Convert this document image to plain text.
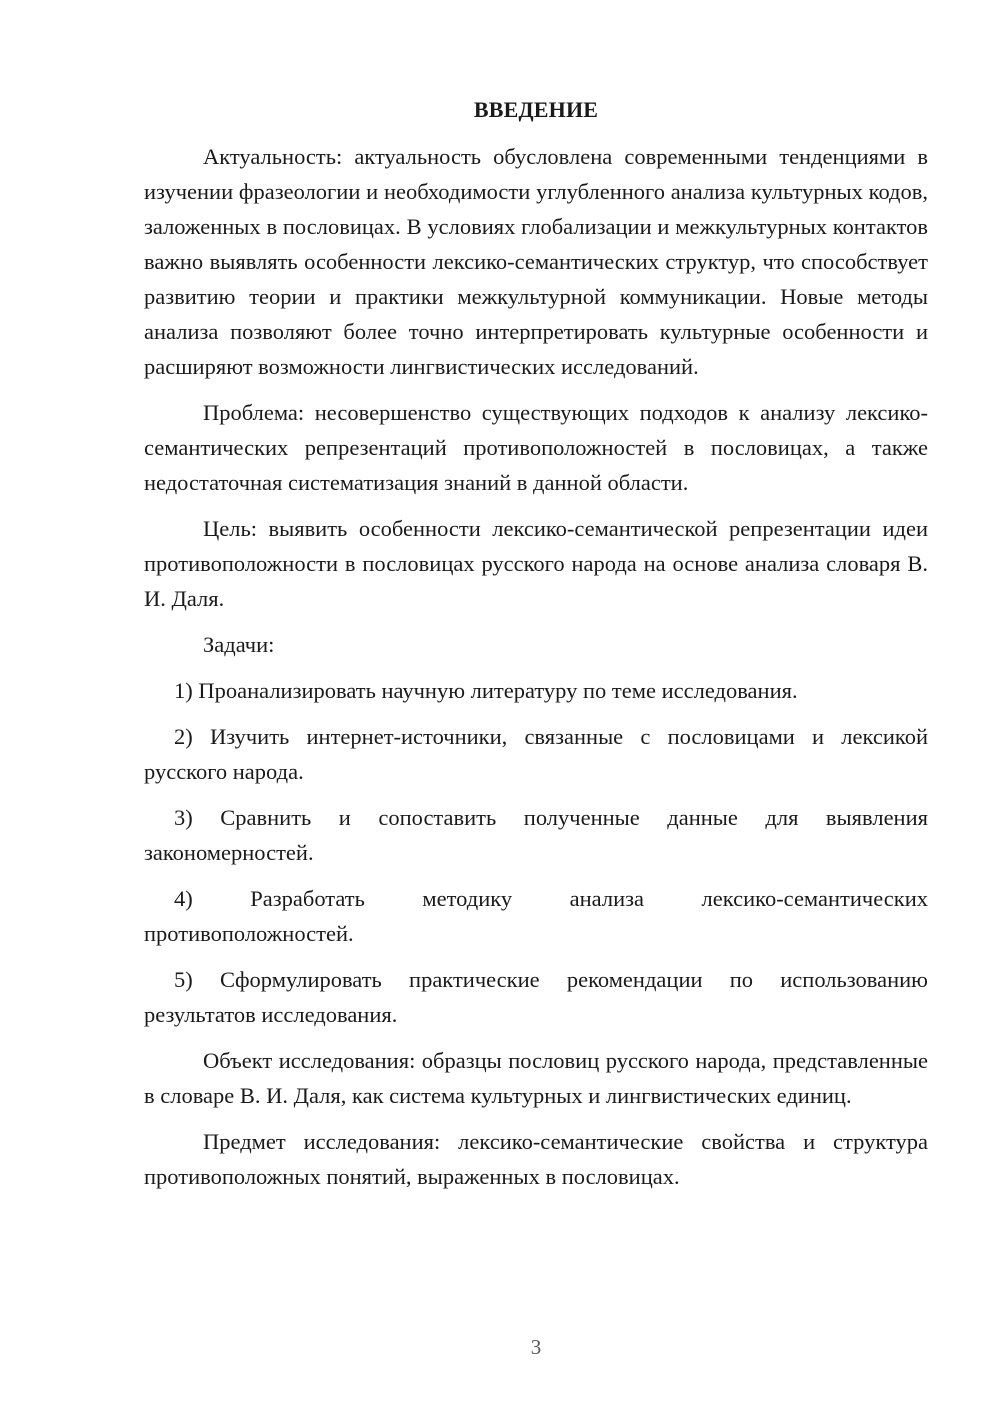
ВВЕДЕНИЕ

Актуальность: актуальность обусловлена современными тенденциями в изучении фразеологии и необходимости углубленного анализа культурных кодов, заложенных в пословицах. В условиях глобализации и межкультурных контактов важно выявлять особенности лексико-семантических структур, что способствует развитию теории и практики межкультурной коммуникации. Новые методы анализа позволяют более точно интерпретировать культурные особенности и расширяют возможности лингвистических исследований.

Проблема: несовершенство существующих подходов к анализу лексико-семантических репрезентаций противоположностей в пословицах, а также недостаточная систематизация знаний в данной области.

Цель: выявить особенности лексико-семантической репрезентации идеи противоположности в пословицах русского народа на основе анализа словаря В. И. Даля.

Задачи:

1) Проанализировать научную литературу по теме исследования.

2) Изучить интернет-источники, связанные с пословицами и лексикой русского народа.

3) Сравнить и сопоставить полученные данные для выявления закономерностей.

4) Разработать методику анализа лексико-семантических противоположностей.

5) Сформулировать практические рекомендации по использованию результатов исследования.

Объект исследования: образцы пословиц русского народа, представленные в словаре В. И. Даля, как система культурных и лингвистических единиц.

Предмет исследования: лексико-семантические свойства и структура противоположных понятий, выраженных в пословицах.

3
